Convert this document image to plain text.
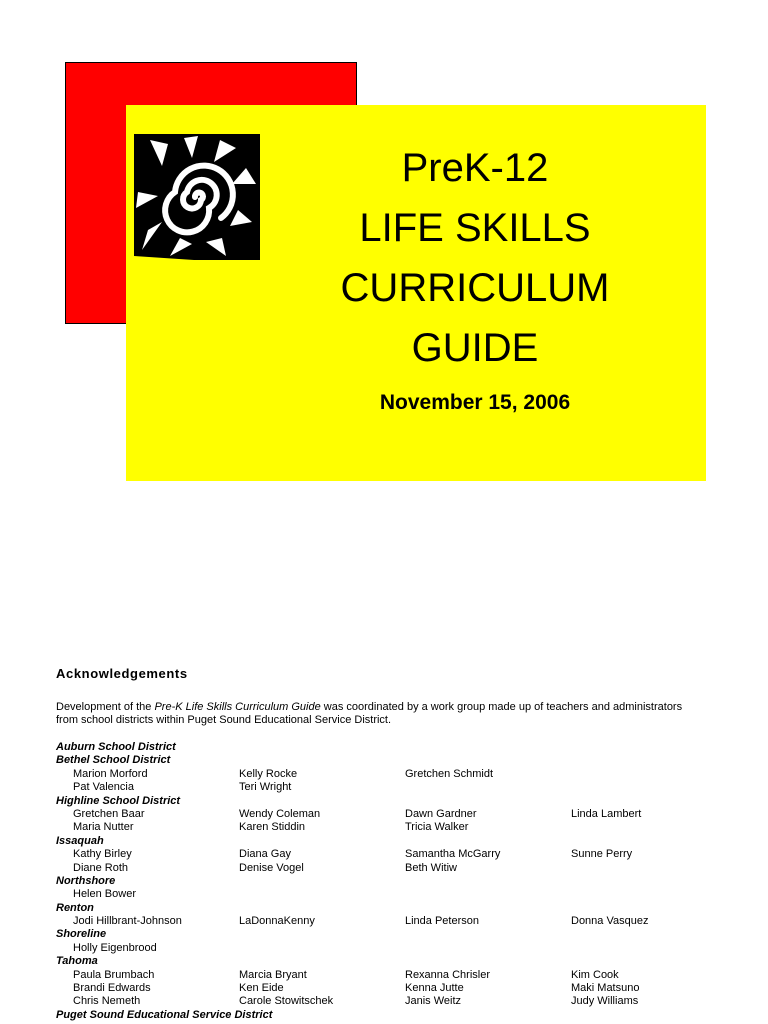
PreK-12
LIFE SKILLS
CURRICULUM
GUIDE
November 15, 2006
Acknowledgements

Development of the Pre-K Life Skills Curriculum Guide was coordinated by a work group made up of teachers and administrators from school districts within Puget Sound Educational Service District.

Auburn School District
Bethel School District
Marion Morford	Kelly Rocke	Gretchen Schmidt
Pat Valencia	Teri Wright
Highline School District
Gretchen Baar	Wendy Coleman	Dawn Gardner	Linda Lambert
Maria Nutter	Karen Stiddin	Tricia Walker
Issaquah
Kathy Birley	Diana Gay	Samantha McGarry	Sunne Perry
Diane Roth	Denise Vogel	Beth Witiw
Northshore
Helen Bower
Renton
Jodi Hillbrant-Johnson	LaDonnaKenny	Linda Peterson	Donna Vasquez
Shoreline
Holly Eigenbrood
Tahoma
Paula Brumbach	Marcia Bryant	Rexanna Chrisler	Kim Cook
Brandi Edwards	Ken Eide	Kenna Jutte	Maki Matsuno
Chris Nemeth	Carole Stowitschek	Janis Weitz	Judy Williams
Puget Sound Educational Service District
